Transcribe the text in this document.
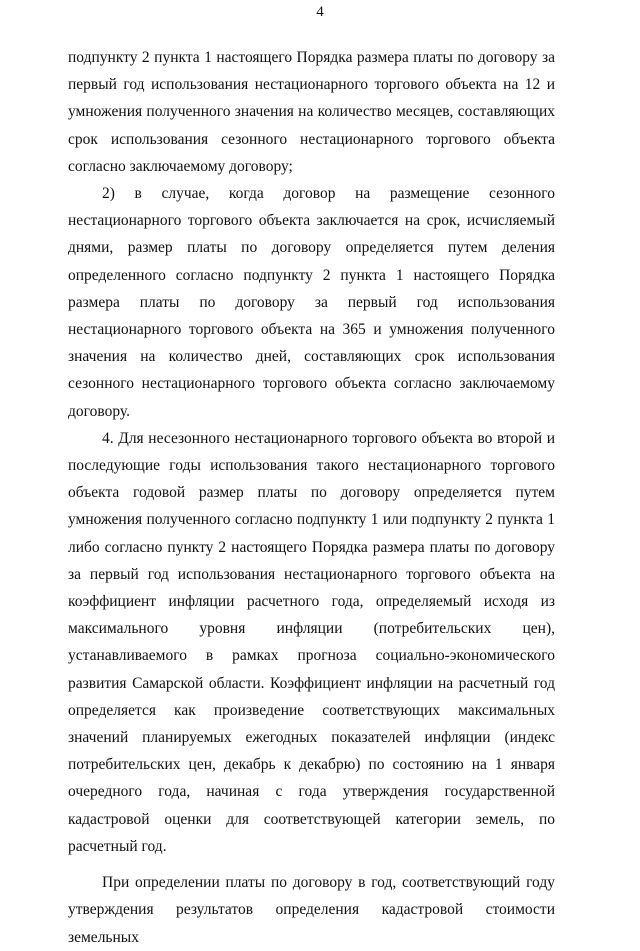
4

подпункту 2 пункта 1 настоящего Порядка размера платы по договору за первый год использования нестационарного торгового объекта на 12 и умножения полученного значения на количество месяцев, составляющих срок использования сезонного нестационарного торгового объекта согласно заключаемому договору;

2) в случае, когда договор на размещение сезонного нестационарного торгового объекта заключается на срок, исчисляемый днями, размер платы по договору определяется путем деления определенного согласно подпункту 2 пункта 1 настоящего Порядка размера платы по договору за первый год использования нестационарного торгового объекта на 365 и умножения полученного значения на количество дней, составляющих срок использования сезонного нестационарного торгового объекта согласно заключаемому договору.

4. Для несезонного нестационарного торгового объекта во второй и последующие годы использования такого нестационарного торгового объекта годовой размер платы по договору определяется путем умножения полученного согласно подпункту 1 или подпункту 2 пункта 1 либо согласно пункту 2 настоящего Порядка размера платы по договору за первый год использования нестационарного торгового объекта на коэффициент инфляции расчетного года, определяемый исходя из максимального уровня инфляции (потребительских цен), устанавливаемого в рамках прогноза социально-экономического развития Самарской области. Коэффициент инфляции на расчетный год определяется как произведение соответствующих максимальных значений планируемых ежегодных показателей инфляции (индекс потребительских цен, декабрь к декабрю) по состоянию на 1 января очередного года, начиная с года утверждения государственной кадастровой оценки для соответствующей категории земель, по расчетный год.

При определении платы по договору в год, соответствующий году утверждения результатов определения кадастровой стоимости земельных
